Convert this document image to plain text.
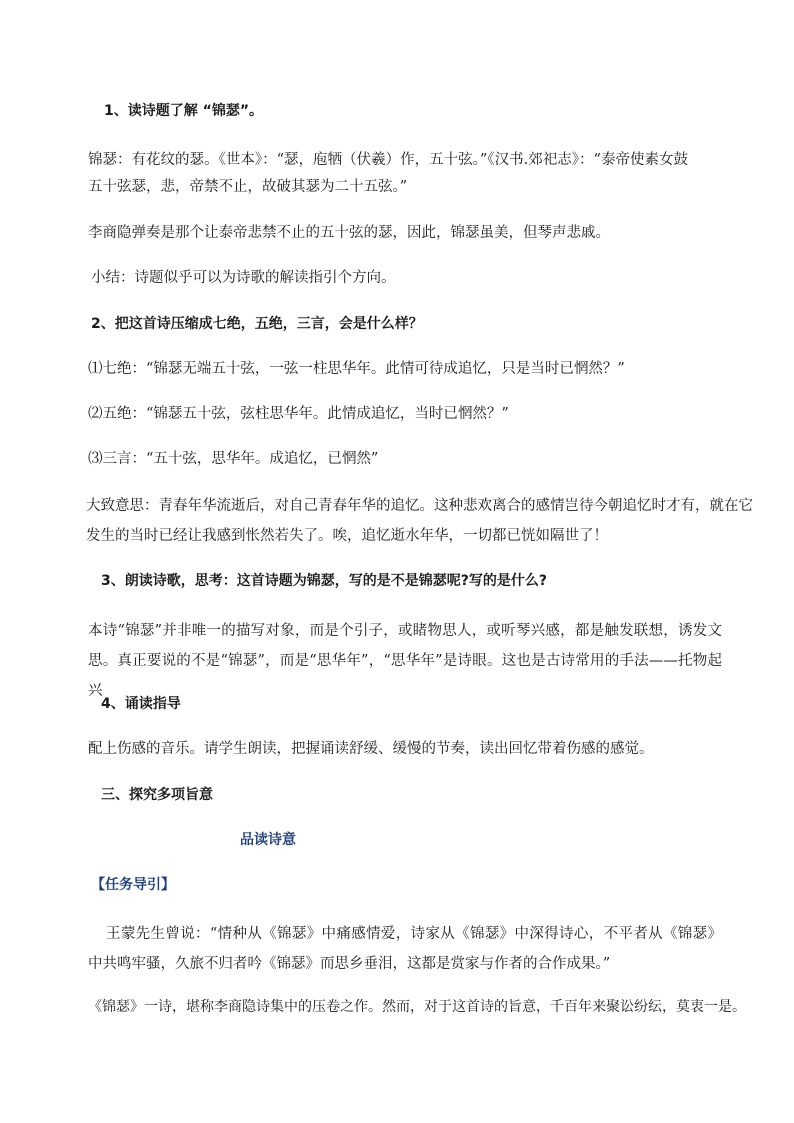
1、读诗题了解 “锦瑟”。
锦瑟：有花纹的瑟。《世本》：“瑟，庖牺（伏羲）作，五十弦。”《汉书.郊祀志》：“泰帝使素女鼓五十弦瑟，悲，帝禁不止，故破其瑟为二十五弦。”
李商隐弹奏是那个让泰帝悲禁不止的五十弦的瑟，因此，锦瑟虽美，但琴声悲戚。
小结：诗题似乎可以为诗歌的解读指引个方向。
2、把这首诗压缩成七绝，五绝，三言，会是什么样？
⑴七绝：“锦瑟无端五十弦，一弦一柱思华年。此情可待成追忆，只是当时已惘然？”
⑵五绝：“锦瑟五十弦，弦柱思华年。此情成追忆，当时已惘然？”
⑶三言：“五十弦，思华年。成追忆，已惘然”
大致意思：青春年华流逝后，对自己青春年华的追忆。这种悲欢离合的感情岂待今朝追忆时才有，就在它
发生的当时已经让我感到怅然若失了。唉，追忆逝水年华，一切都已恍如隔世了！
3、朗读诗歌，思考：这首诗题为锦瑟，写的是不是锦瑟呢?写的是什么?
本诗“锦瑟”并非唯一的描写对象，而是个引子，或睹物思人，或听琴兴感，都是触发联想，诱发文思。真正要说的不是“锦瑟”，而是“思华年”，“思华年”是诗眼。这也是古诗常用的手法——托物起兴
4、诵读指导
配上伤感的音乐。请学生朗读，把握诵读舒缓、缓慢的节奏，读出回忆带着伤感的感觉。
三、探究多项旨意
品读诗意
【任务导引】
王蒙先生曾说：“情种从《锦瑟》中痛感情爱，诗家从《锦瑟》中深得诗心，不平者从《锦瑟》中共鸣牢骚，久旅不归者吟《锦瑟》而思乡垂泪，这都是赏家与作者的合作成果。”
《锦瑟》一诗，堪称李商隐诗集中的压卷之作。然而，对于这首诗的旨意，千百年来聚讼纷纭，莫衷一是。
